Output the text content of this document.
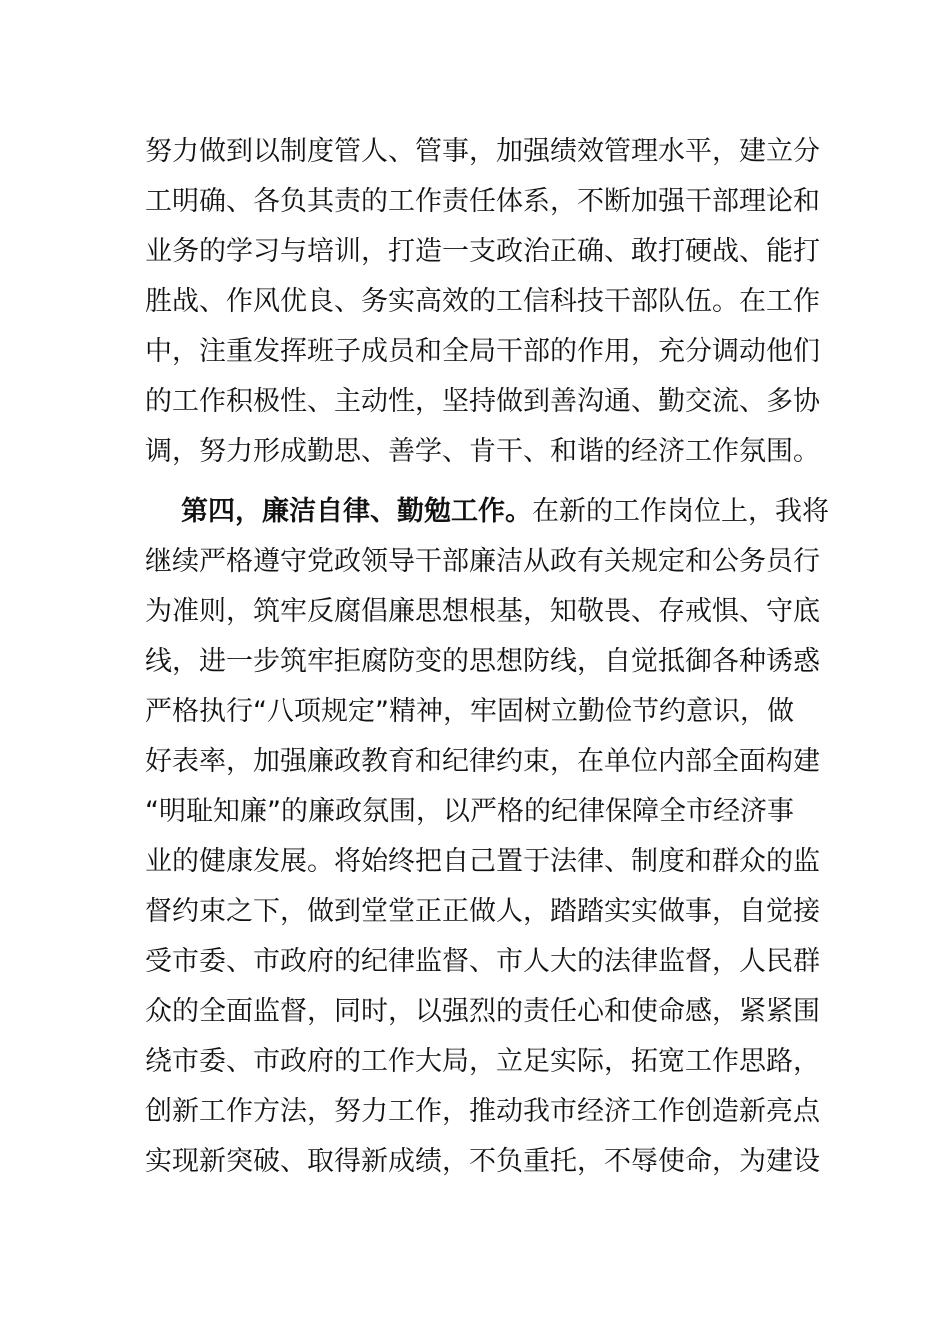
努力做到以制度管人、管事，加强绩效管理水平，建立分
工明确、各负其责的工作责任体系，不断加强干部理论和
业务的学习与培训，打造一支政治正确、敢打硬战、能打
胜战、作风优良、务实高效的工信科技干部队伍。在工作
中，注重发挥班子成员和全局干部的作用，充分调动他们
的工作积极性、主动性，坚持做到善沟通、勤交流、多协
调，努力形成勤思、善学、肯干、和谐的经济工作氛围。
第四，廉洁自律、勤勉工作。在新的工作岗位上，我将
继续严格遵守党政领导干部廉洁从政有关规定和公务员行
为准则，筑牢反腐倡廉思想根基，知敬畏、存戒惧、守底
线，进一步筑牢拒腐防变的思想防线，自觉抵御各种诱惑
严格执行“八项规定”精神，牢固树立勤俭节约意识，做
好表率，加强廉政教育和纪律约束，在单位内部全面构建
“明耻知廉”的廉政氛围，以严格的纪律保障全市经济事
业的健康发展。将始终把自己置于法律、制度和群众的监
督约束之下，做到堂堂正正做人，踏踏实实做事，自觉接
受市委、市政府的纪律监督、市人大的法律监督，人民群
众的全面监督，同时，以强烈的责任心和使命感，紧紧围
绕市委、市政府的工作大局，立足实际，拓宽工作思路，
创新工作方法，努力工作，推动我市经济工作创造新亮点
实现新突破、取得新成绩，不负重托，不辱使命，为建设
